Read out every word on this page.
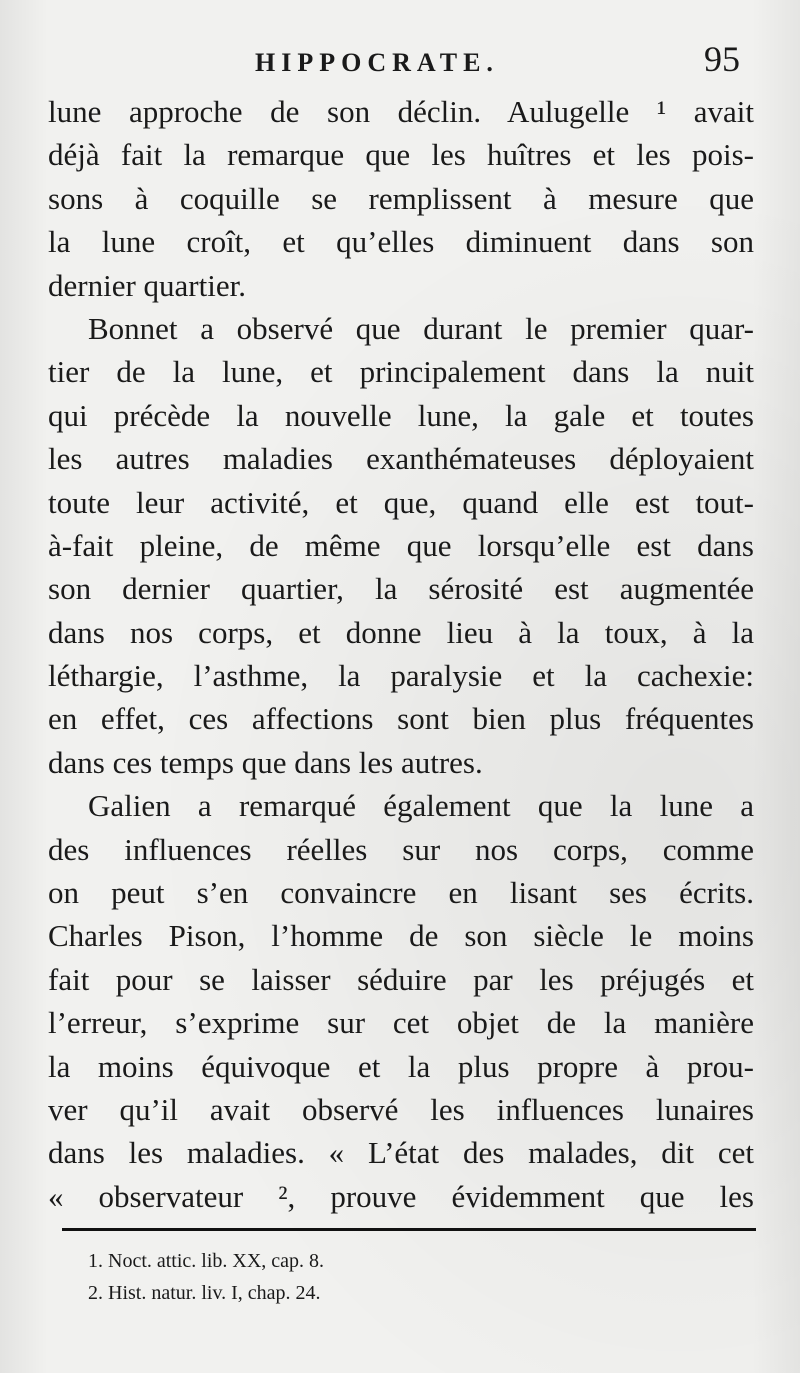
HIPPOCRATE.	95
lune approche de son déclin. Aulugelle ¹ avait
déjà fait la remarque que les huîtres et les pois-
sons à coquille se remplissent à mesure que
la lune croît, et qu’elles diminuent dans son
dernier quartier.
Bonnet a observé que durant le premier quar-
tier de la lune, et principalement dans la nuit
qui précède la nouvelle lune, la gale et toutes
les autres maladies exanthémateuses déployaient
toute leur activité, et que, quand elle est tout-
à-fait pleine, de même que lorsqu’elle est dans
son dernier quartier, la sérosité est augmentée
dans nos corps, et donne lieu à la toux, à la
léthargie, l’asthme, la paralysie et la cachexie:
en effet, ces affections sont bien plus fréquentes
dans ces temps que dans les autres.
Galien a remarqué également que la lune a
des influences réelles sur nos corps, comme
on peut s’en convaincre en lisant ses écrits.
Charles Pison, l’homme de son siècle le moins
fait pour se laisser séduire par les préjugés et
l’erreur, s’exprime sur cet objet de la manière
la moins équivoque et la plus propre à prou-
ver qu’il avait observé les influences lunaires
dans les maladies. « L’état des malades, dit cet
« observateur ², prouve évidemment que les
1. Noct. attic. lib. XX, cap. 8.
2. Hist. natur. liv. I, chap. 24.
